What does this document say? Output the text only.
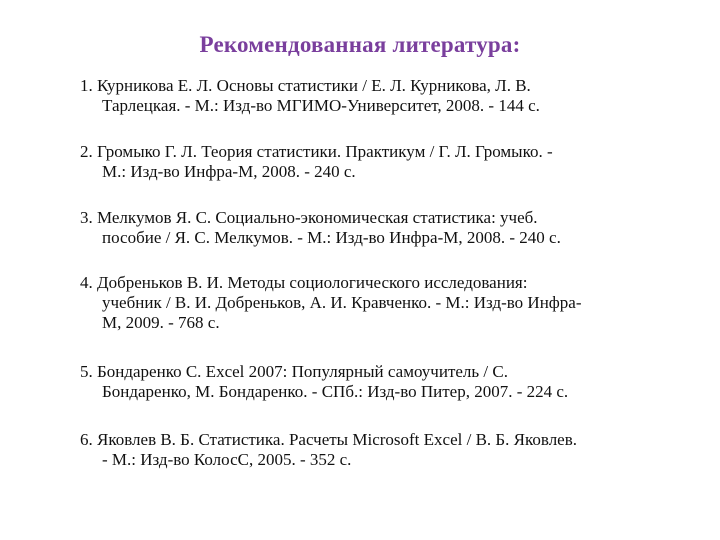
Рекомендованная литература:
1. Курникова Е. Л. Основы статистики / Е. Л. Курникова, Л. В.
Тарлецкая. - М.: Изд-во МГИМО-Университет, 2008. - 144 с.
2. Громыко Г. Л. Теория статистики. Практикум / Г. Л. Громыко. -
М.: Изд-во Инфра-М, 2008. - 240 с.
3. Мелкумов Я. С. Социально-экономическая статистика: учеб.
пособие / Я. С. Мелкумов. - М.: Изд-во Инфра-М, 2008. - 240 с.
4. Добреньков В. И. Методы социологического исследования:
учебник / В. И. Добреньков, А. И. Кравченко. - М.: Изд-во Инфра-
М, 2009. - 768 с.
5. Бондаренко С. Excel 2007: Популярный самоучитель / С.
Бондаренко, М. Бондаренко. - СПб.: Изд-во Питер, 2007. - 224 с.
6. Яковлев В. Б. Статистика. Расчеты Microsoft Excel / В. Б. Яковлев.
- М.: Изд-во КолосС, 2005. - 352 с.
